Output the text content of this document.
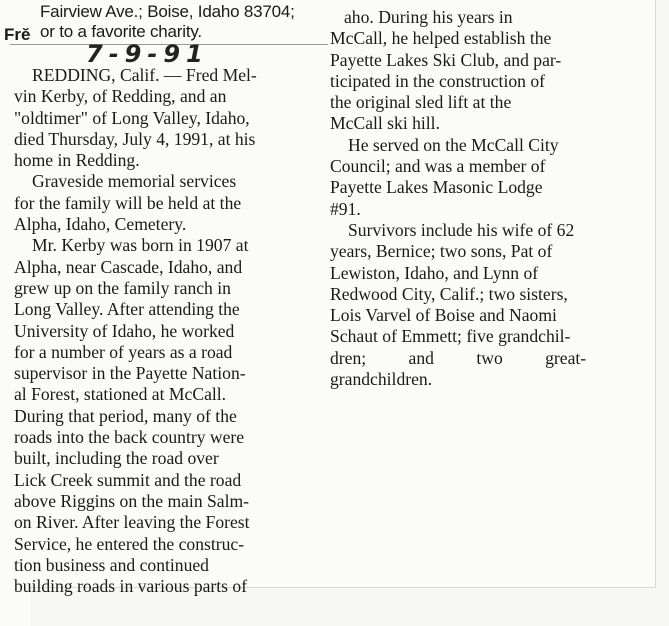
Fairview Ave.; Boise, Idaho 83704;
or to a favorite charity.
Frĕ
7-9-91
REDDING, Calif. — Fred Mel-
vin Kerby, of Redding, and an
"oldtimer" of Long Valley, Idaho,
died Thursday, July 4, 1991, at his
home in Redding.
Graveside memorial services
for the family will be held at the
Alpha, Idaho, Cemetery.
Mr. Kerby was born in 1907 at
Alpha, near Cascade, Idaho, and
grew up on the family ranch in
Long Valley. After attending the
University of Idaho, he worked
for a number of years as a road
supervisor in the Payette Nation-
al Forest, stationed at McCall.
During that period, many of the
roads into the back country were
built, including the road over
Lick Creek summit and the road
above Riggins on the main Salm-
on River. After leaving the Forest
Service, he entered the construc-
tion business and continued
building roads in various parts of
aho. During his years in
McCall, he helped establish the
Payette Lakes Ski Club, and par-
ticipated in the construction of
the original sled lift at the
McCall ski hill.
He served on the McCall City
Council; and was a member of
Payette Lakes Masonic Lodge
#91.
Survivors include his wife of 62
years, Bernice; two sons, Pat of
Lewiston, Idaho, and Lynn of
Redwood City, Calif.; two sisters,
Lois Varvel of Boise and Naomi
Schaut of Emmett; five grandchil-
dren; and two great-
grandchildren.
